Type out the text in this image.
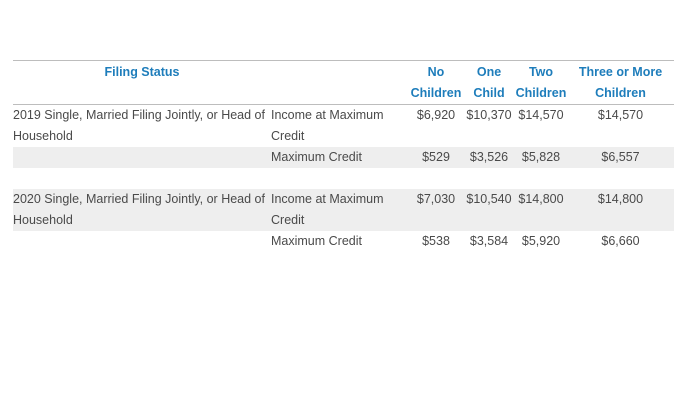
Filing Status		No Children	One Child	Two Children	Three or More Children
2019 Single, Married Filing Jointly, or Head of Household	Income at Maximum Credit	$6,920	$10,370	$14,570	$14,570
	Maximum Credit	$529	$3,526	$5,828	$6,557

2020 Single, Married Filing Jointly, or Head of Household	Income at Maximum Credit	$7,030	$10,540	$14,800	$14,800
	Maximum Credit	$538	$3,584	$5,920	$6,660
